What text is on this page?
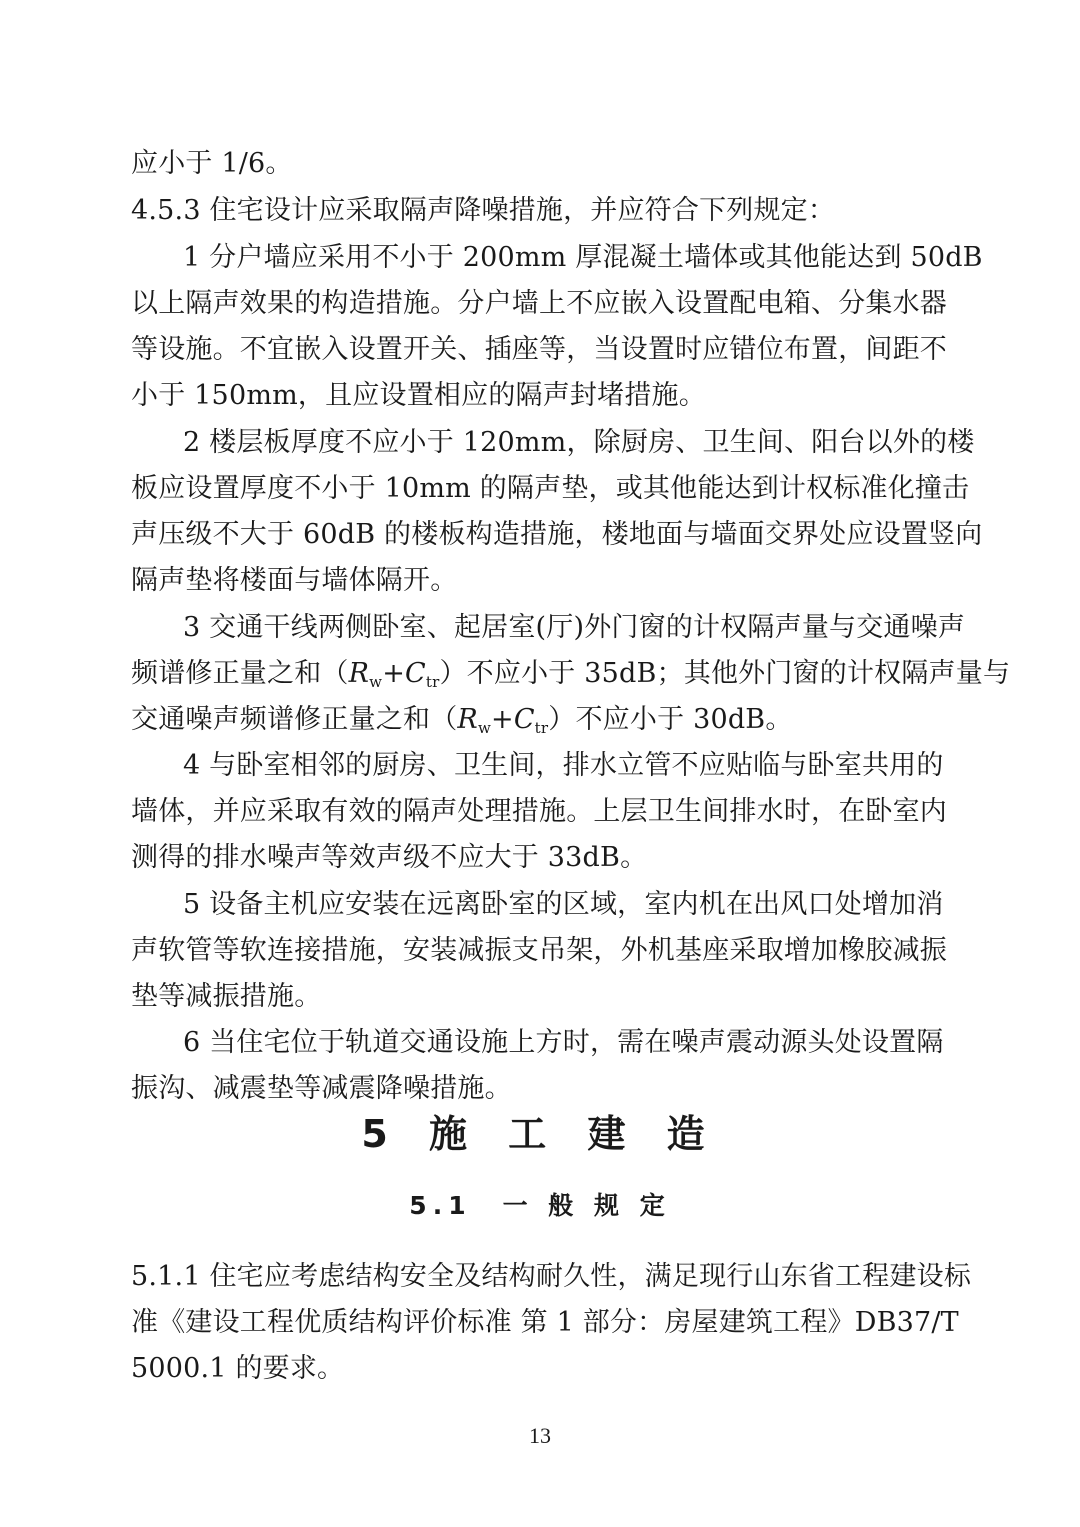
应小于 1/6。
4.5.3 住宅设计应采取隔声降噪措施，并应符合下列规定：
1 分户墙应采用不小于 200mm 厚混凝土墙体或其他能达到 50dB
以上隔声效果的构造措施。分户墙上不应嵌入设置配电箱、分集水器
等设施。不宜嵌入设置开关、插座等，当设置时应错位布置，间距不
小于 150mm，且应设置相应的隔声封堵措施。
2 楼层板厚度不应小于 120mm，除厨房、卫生间、阳台以外的楼
板应设置厚度不小于 10mm 的隔声垫，或其他能达到计权标准化撞击
声压级不大于 60dB 的楼板构造措施，楼地面与墙面交界处应设置竖向
隔声垫将楼面与墙体隔开。
3 交通干线两侧卧室、起居室(厅)外门窗的计权隔声量与交通噪声
频谱修正量之和$(R_w+C_{tr})$不应小于 35dB；其他外门窗的计权隔声量与
交通噪声频谱修正量之和$(R_w+C_{tr})$不应小于 30dB。
4 与卧室相邻的厨房、卫生间，排水立管不应贴临与卧室共用的
墙体，并应采取有效的隔声处理措施。上层卫生间排水时，在卧室内
测得的排水噪声等效声级不应大于 33dB。
5 设备主机应安装在远离卧室的区域，室内机在出风口处增加消
声软管等软连接措施，安装减振支吊架，外机基座采取增加橡胶减振
垫等减振措施。
6 当住宅位于轨道交通设施上方时，需在噪声震动源头处设置隔
振沟、减震垫等减震降噪措施。
5 施 工 建 造
5.1　一 般 规 定
5.1.1 住宅应考虑结构安全及结构耐久性，满足现行山东省工程建设标
准《建设工程优质结构评价标准 第 1 部分：房屋建筑工程》DB37/T
5000.1 的要求。
13
